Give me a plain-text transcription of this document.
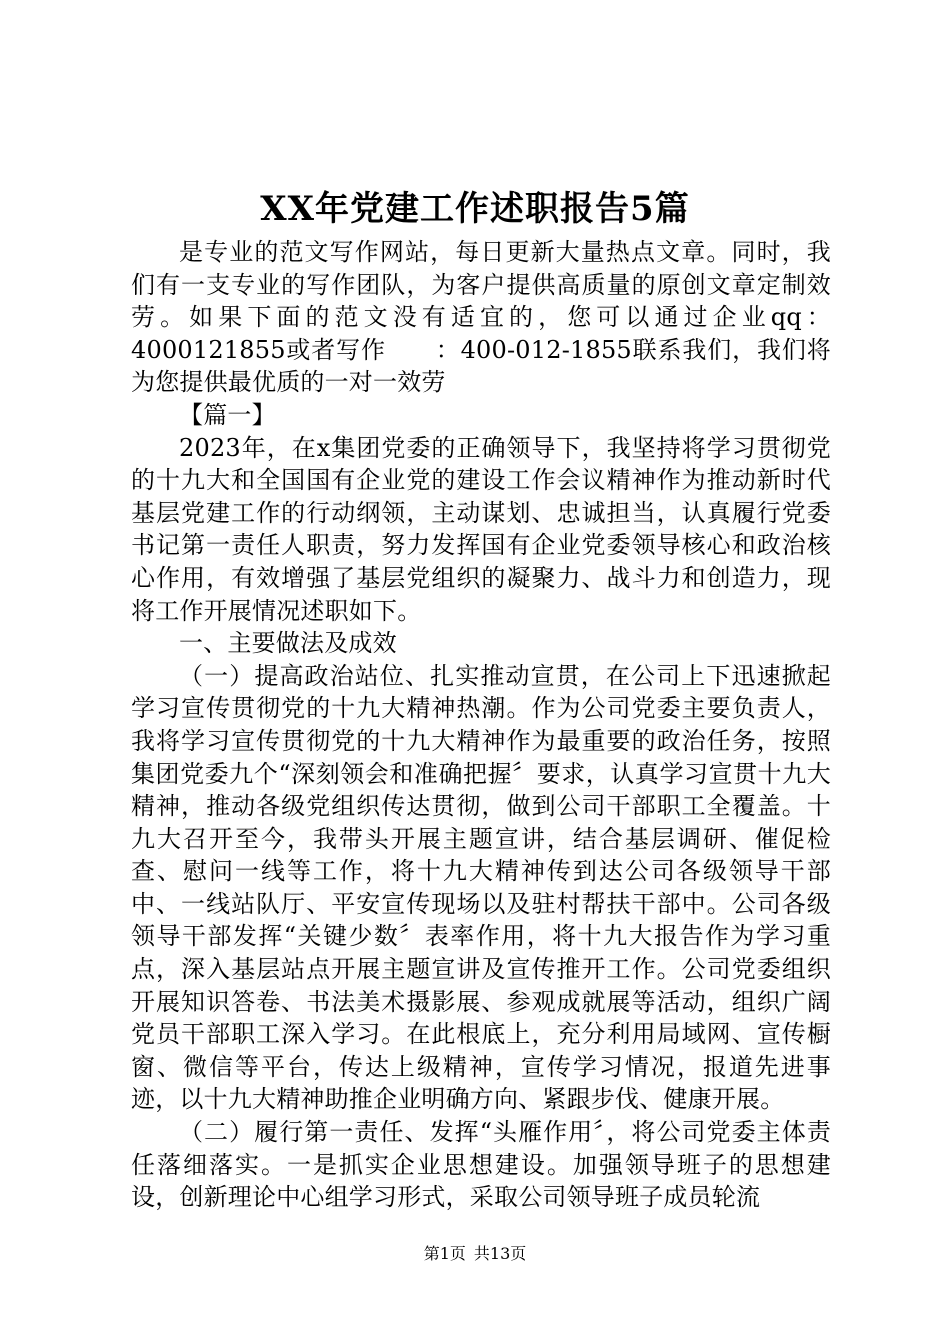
XX年党建工作述职报告5篇

是专业的范文写作网站，每日更新大量热点文章。同时，我们有一支专业的写作团队，为客户提供高质量的原创文章定制效劳。如果下面的范文没有适宜的，您可以通过企业qq：4000121855或者写作　　：400-012-1855联系我们，我们将为您提供最优质的一对一效劳

【篇一】

2023年，在x集团党委的正确领导下，我坚持将学习贯彻党的十九大和全国国有企业党的建设工作会议精神作为推动新时代基层党建工作的行动纲领，主动谋划、忠诚担当，认真履行党委书记第一责任人职责，努力发挥国有企业党委领导核心和政治核心作用，有效增强了基层党组织的凝聚力、战斗力和创造力，现将工作开展情况述职如下。

一、主要做法及成效

（一）提高政治站位、扎实推动宣贯，在公司上下迅速掀起学习宣传贯彻党的十九大精神热潮。作为公司党委主要负责人，我将学习宣传贯彻党的十九大精神作为最重要的政治任务，按照集团党委九个“深刻领会和准确把握〞要求，认真学习宣贯十九大精神，推动各级党组织传达贯彻，做到公司干部职工全覆盖。十九大召开至今，我带头开展主题宣讲，结合基层调研、催促检查、慰问一线等工作，将十九大精神传到达公司各级领导干部中、一线站队厅、平安宣传现场以及驻村帮扶干部中。公司各级领导干部发挥“关键少数〞表率作用，将十九大报告作为学习重点，深入基层站点开展主题宣讲及宣传推开工作。公司党委组织开展知识答卷、书法美术摄影展、参观成就展等活动，组织广阔党员干部职工深入学习。在此根底上，充分利用局域网、宣传橱窗、微信等平台，传达上级精神，宣传学习情况，报道先进事迹，以十九大精神助推企业明确方向、紧跟步伐、健康开展。

（二）履行第一责任、发挥“头雁作用〞，将公司党委主体责任落细落实。一是抓实企业思想建设。加强领导班子的思想建设，创新理论中心组学习形式，采取公司领导班子成员轮流

第1页 共13页
